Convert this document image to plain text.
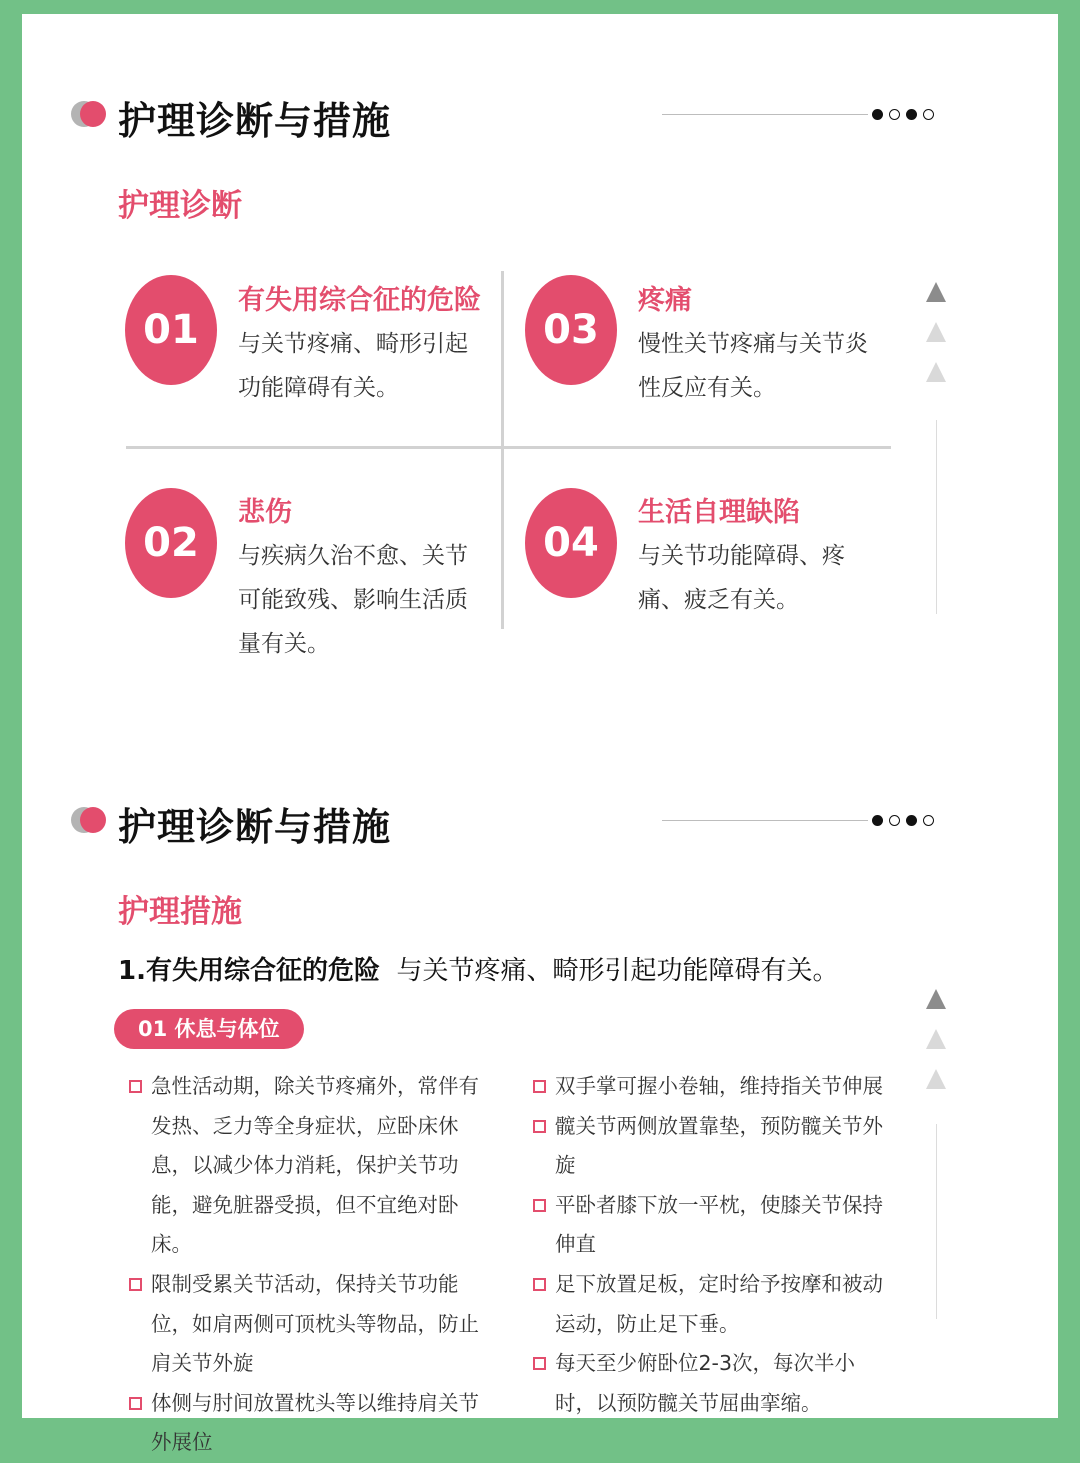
护理诊断与措施
护理诊断
01
有失用综合征的危险
与关节疼痛、畸形引起功能障碍有关。
03
疼痛
慢性关节疼痛与关节炎性反应有关。
02
悲伤
与疾病久治不愈、关节可能致残、影响生活质量有关。
04
生活自理缺陷
与关节功能障碍、疼痛、疲乏有关。
护理诊断与措施
护理措施
1.有失用综合征的危险 与关节疼痛、畸形引起功能障碍有关。
01 休息与体位
急性活动期，除关节疼痛外，常伴有发热、乏力等全身症状，应卧床休息，以减少体力消耗，保护关节功能，避免脏器受损，但不宜绝对卧床。
限制受累关节活动，保持关节功能位，如肩两侧可顶枕头等物品，防止肩关节外旋
体侧与肘间放置枕头等以维持肩关节外展位
双手掌可握小卷轴，维持指关节伸展
髋关节两侧放置靠垫，预防髋关节外旋
平卧者膝下放一平枕，使膝关节保持伸直
足下放置足板，定时给予按摩和被动运动，防止足下垂。
每天至少俯卧位2-3次，每次半小时，以预防髋关节屈曲挛缩。
